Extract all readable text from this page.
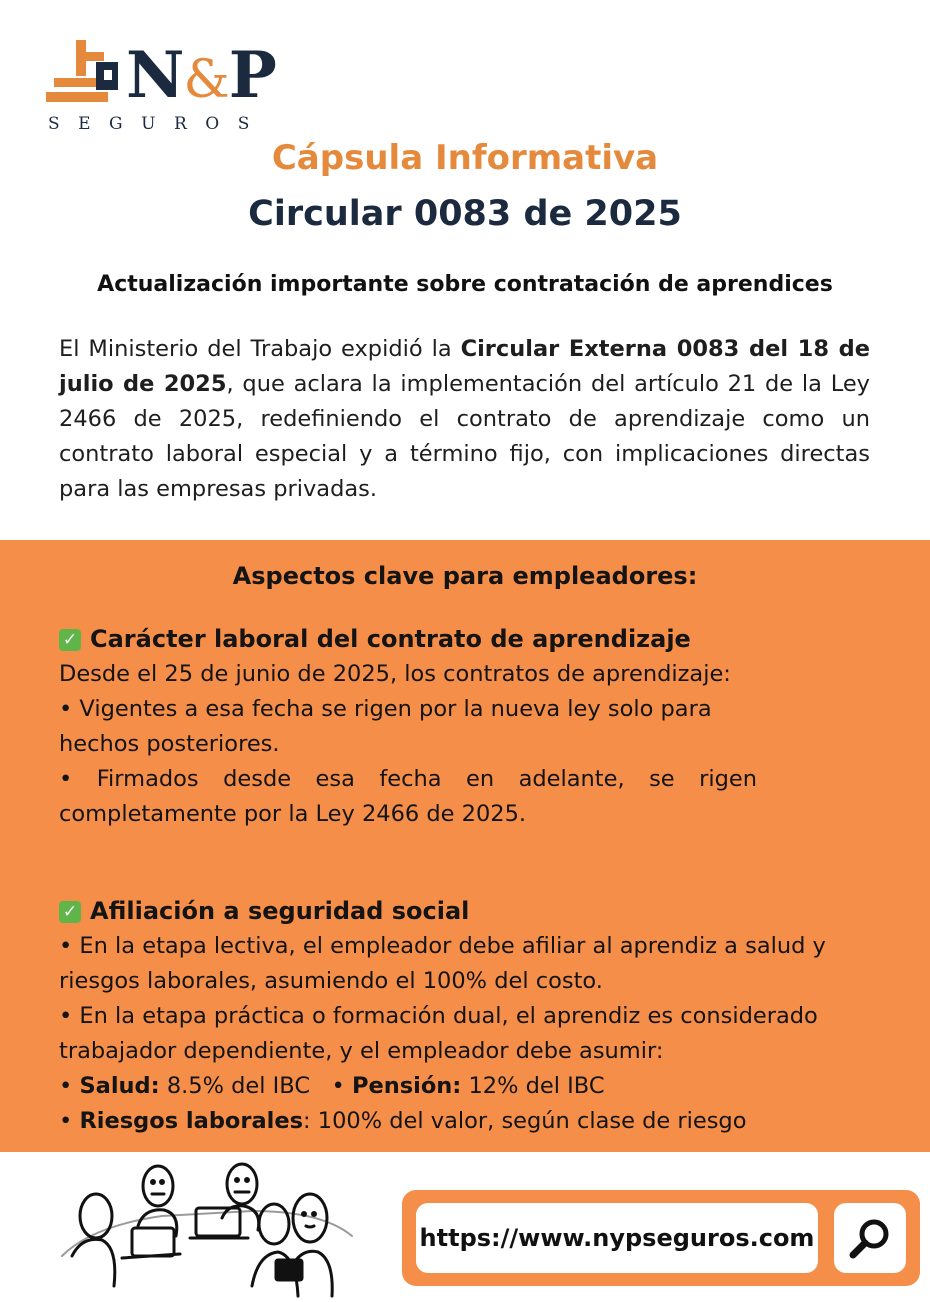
N&P
SEGUROS
Cápsula Informativa
Circular 0083 de 2025
Actualización importante sobre contratación de aprendices
El Ministerio del Trabajo expidió la Circular Externa 0083 del 18 de julio de 2025, que aclara la implementación del artículo 21 de la Ley 2466 de 2025, redefiniendo el contrato de aprendizaje como un contrato laboral especial y a término fijo, con implicaciones directas para las empresas privadas.
Aspectos clave para empleadores:
✓ Carácter laboral del contrato de aprendizaje
Desde el 25 de junio de 2025, los contratos de aprendizaje:
• Vigentes a esa fecha se rigen por la nueva ley solo para hechos posteriores.
• Firmados desde esa fecha en adelante, se rigen completamente por la Ley 2466 de 2025.
✓ Afiliación a seguridad social
• En la etapa lectiva, el empleador debe afiliar al aprendiz a salud y riesgos laborales, asumiendo el 100% del costo.
• En la etapa práctica o formación dual, el aprendiz es considerado trabajador dependiente, y el empleador debe asumir:
• Salud: 8.5% del IBC   • Pensión: 12% del IBC
• Riesgos laborales: 100% del valor, según clase de riesgo
https://www.nypseguros.com
